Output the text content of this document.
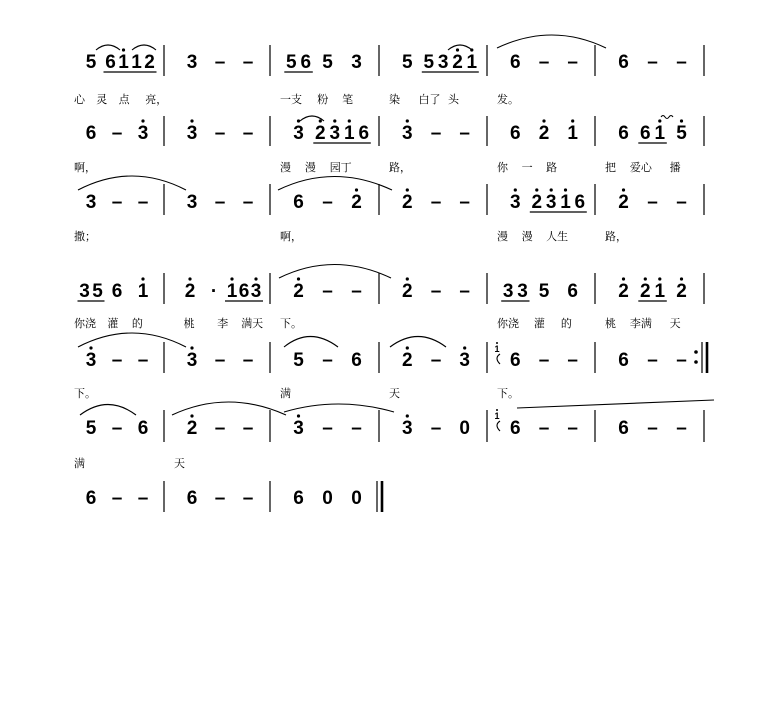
5 6 1 1 2 3 – – 5 6 5 3 5 5 3 2 1 6 – – 6 – –
心 灵 点 亮，	一支 粉 笔	染 白了 头	发。
6 – 3 3 – – 3 2 3 1 6 3 – – 6 2 1 6 6 1 5
啊，	漫 漫 园丁	路，	你 一 路	把 爱心 播
3 – – 3 – – 6 – 2 2 – – 3 2 3 1 6 2 – –
撒；	啊，	漫 漫 人生	路，
3 5 6 1 2 · 1 6 3 2 – – 2 – – 3 3 5 6 2 2 1 2
你浇 灌 的	桃 李 满天 下。	你浇 灌 的	桃 李满 天
3 – – 3 – – 5 – 6 2 – 3 6 – – 6 – –
下。	满	天	下。
5 – 6 2 – – 3 – – 3 – 0 6 – – 6 – –
满	天
6 – – 6 – – 6 0 0
1
1
